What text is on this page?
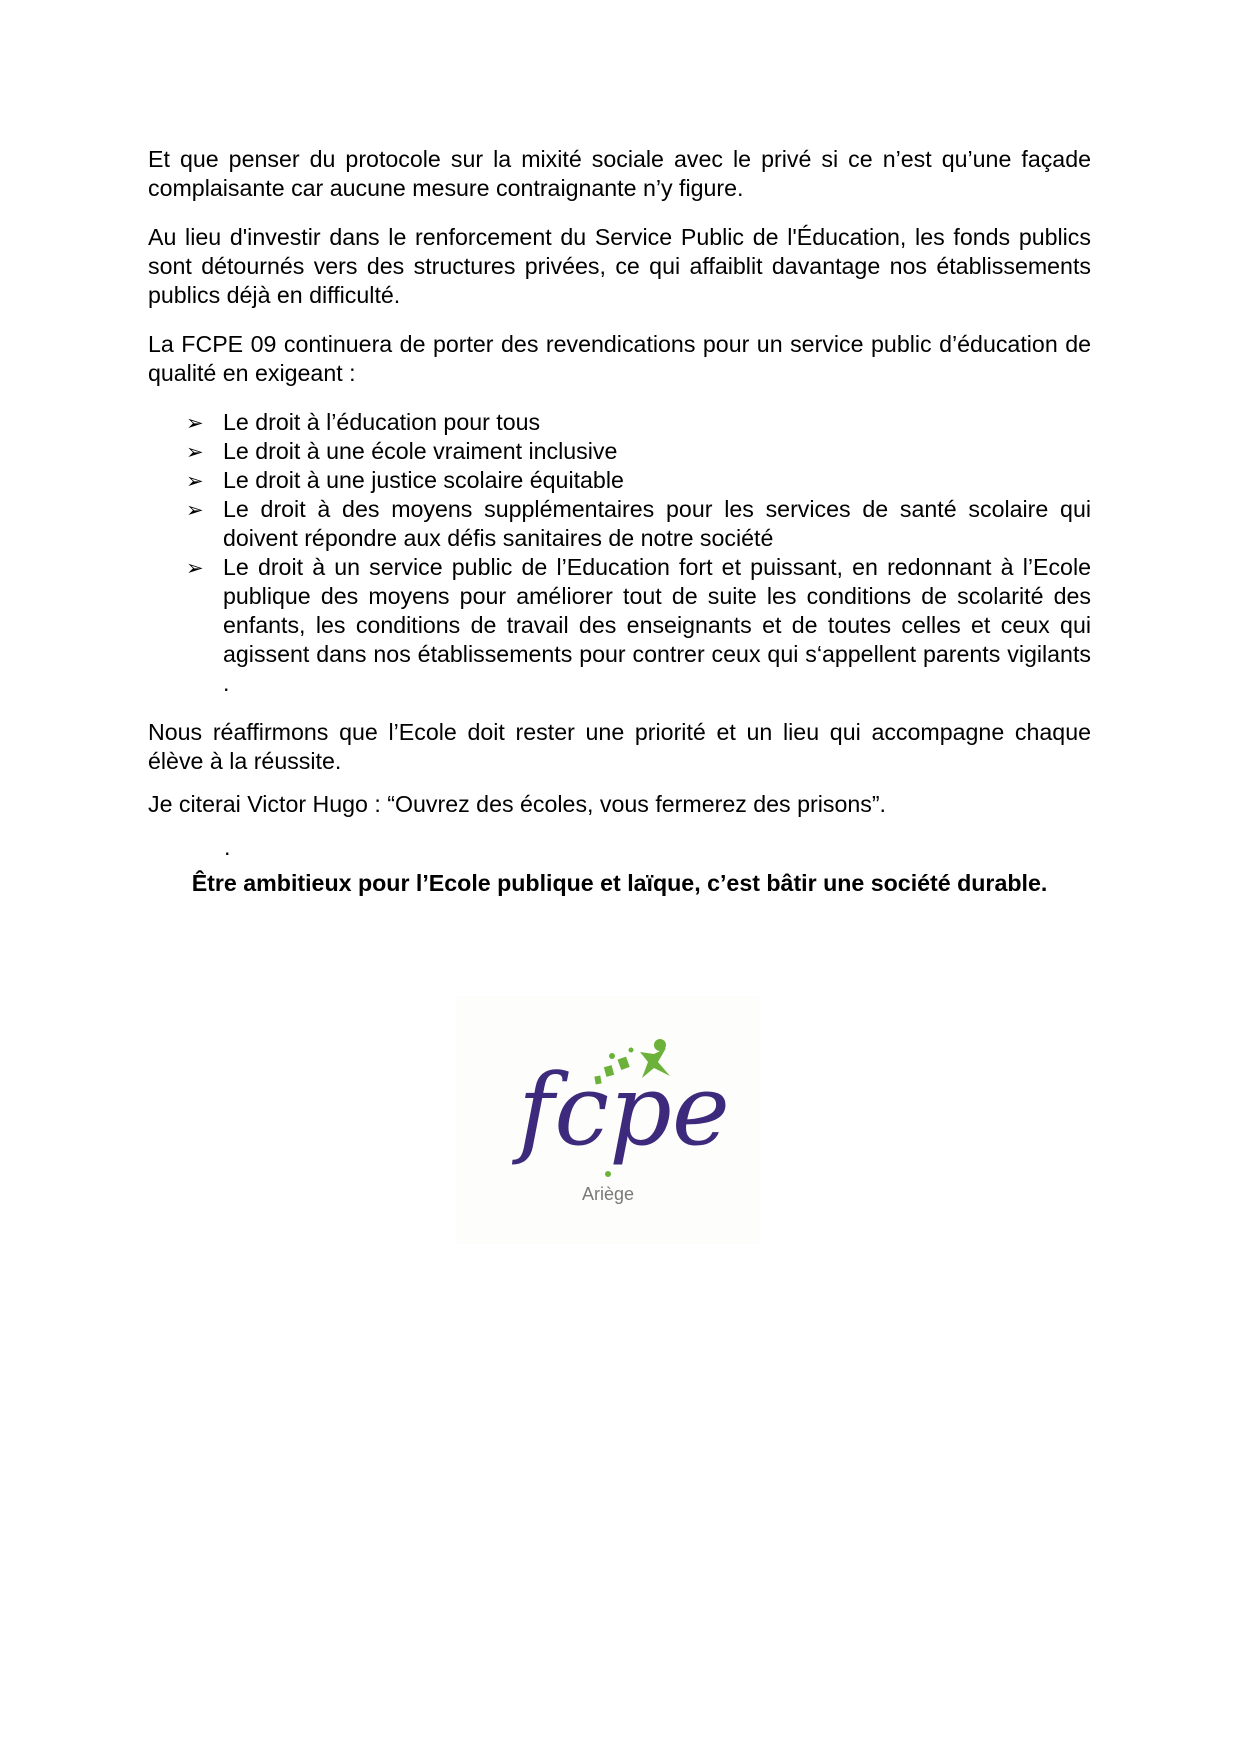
Et que penser du protocole sur la mixité sociale avec le privé si ce n’est qu’une façade complaisante car aucune mesure contraignante n’y figure.

Au lieu d'investir dans le renforcement du Service Public de l'Éducation, les fonds publics sont détournés vers des structures privées, ce qui affaiblit davantage nos établissements publics déjà en difficulté.

La FCPE 09 continuera de porter des revendications pour un service public d’éducation de qualité en exigeant :

➢ Le droit à l’éducation pour tous
➢ Le droit à une école vraiment inclusive
➢ Le droit à une justice scolaire équitable
➢ Le droit à des moyens supplémentaires pour les services de santé scolaire qui doivent répondre aux défis sanitaires de notre société
➢ Le droit à un service public de l’Education fort et puissant, en redonnant à l’Ecole publique des moyens pour améliorer tout de suite les conditions de scolarité des enfants, les conditions de travail des enseignants et de toutes celles et ceux qui agissent dans nos établissements pour contrer ceux qui s‘appellent parents vigilants .

Nous réaffirmons que l’Ecole doit rester une priorité et un lieu qui accompagne chaque élève à la réussite.

Je citerai Victor Hugo : “Ouvrez des écoles, vous fermerez des prisons”.

.

Être ambitieux pour l’Ecole publique et laïque, c’est bâtir une société durable.

fcpe
Ariège
